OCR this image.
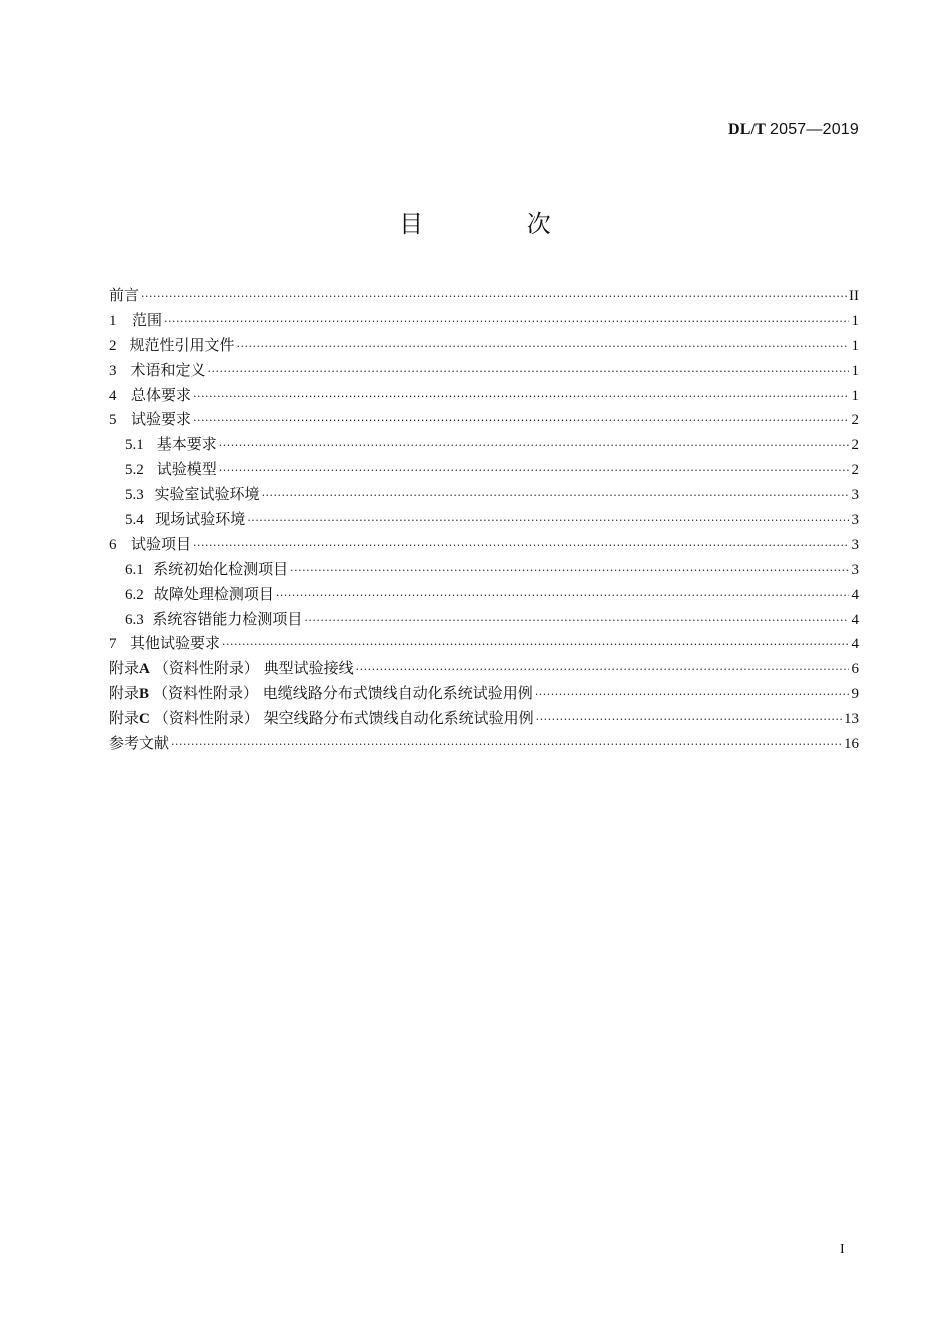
DL/T 2057—2019
目 次
前言 ·····	II
1	范围 ·····	1
2 规范性引用文件 ·····	1
3 术语和定义 ·····	1
4 总体要求 ·····	1
5 试验要求 ·····	2
5.1 基本要求 ·····	2
5.2 试验模型 ·····	2
5.3 实验室试验环境 ·····	3
5.4 现场试验环境 ·····	3
6 试验项目 ·····	3
6.1 系统初始化检测项目 ·····	3
6.2 故障处理检测项目 ·····	4
6.3 系统容错能力检测项目 ·····	4
7 其他试验要求 ·····	4
附录A （资料性附录） 典型试验接线 ·····	6
附录B （资料性附录） 电缆线路分布式馈线自动化系统试验用例 ·····	9
附录C （资料性附录） 架空线路分布式馈线自动化系统试验用例 ·····	13
参考文献 ·····	16
I
